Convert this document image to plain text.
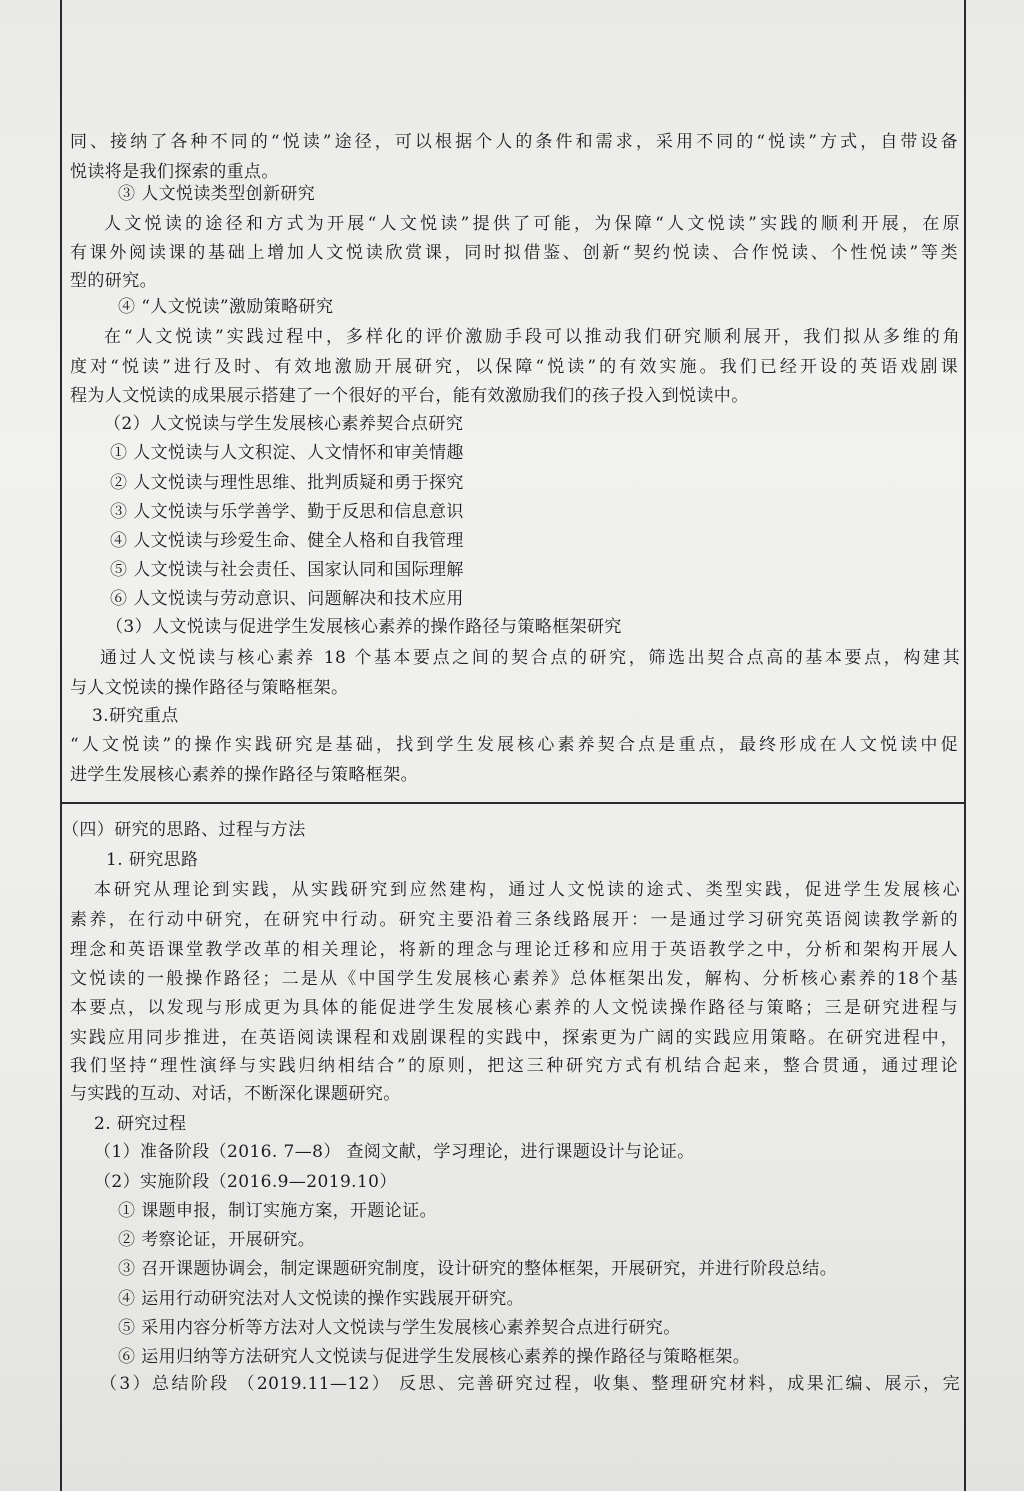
同、接纳了各种不同的“悦读”途径，可以根据个人的条件和需求，采用不同的“悦读”方式，自带设备
悦读将是我们探索的重点。
③ 人文悦读类型创新研究
人文悦读的途径和方式为开展“人文悦读”提供了可能，为保障“人文悦读”实践的顺利开展，在原
有课外阅读课的基础上增加人文悦读欣赏课，同时拟借鉴、创新“契约悦读、合作悦读、个性悦读”等类
型的研究。
④ “人文悦读”激励策略研究
在“人文悦读”实践过程中，多样化的评价激励手段可以推动我们研究顺利展开，我们拟从多维的角
度对“悦读”进行及时、有效地激励开展研究，以保障“悦读”的有效实施。我们已经开设的英语戏剧课
程为人文悦读的成果展示搭建了一个很好的平台，能有效激励我们的孩子投入到悦读中。
（2）人文悦读与学生发展核心素养契合点研究
① 人文悦读与人文积淀、人文情怀和审美情趣
② 人文悦读与理性思维、批判质疑和勇于探究
③ 人文悦读与乐学善学、勤于反思和信息意识
④ 人文悦读与珍爱生命、健全人格和自我管理
⑤ 人文悦读与社会责任、国家认同和国际理解
⑥ 人文悦读与劳动意识、问题解决和技术应用
（3）人文悦读与促进学生发展核心素养的操作路径与策略框架研究
通过人文悦读与核心素养 18 个基本要点之间的契合点的研究，筛选出契合点高的基本要点，构建其
与人文悦读的操作路径与策略框架。
3.研究重点
“人文悦读”的操作实践研究是基础，找到学生发展核心素养契合点是重点，最终形成在人文悦读中促
进学生发展核心素养的操作路径与策略框架。
（四）研究的思路、过程与方法
1. 研究思路
本研究从理论到实践，从实践研究到应然建构，通过人文悦读的途式、类型实践，促进学生发展核心
素养，在行动中研究，在研究中行动。研究主要沿着三条线路展开：一是通过学习研究英语阅读教学新的
理念和英语课堂教学改革的相关理论，将新的理念与理论迁移和应用于英语教学之中，分析和架构开展人
文悦读的一般操作路径；二是从《中国学生发展核心素养》总体框架出发，解构、分析核心素养的18个基
本要点，以发现与形成更为具体的能促进学生发展核心素养的人文悦读操作路径与策略；三是研究进程与
实践应用同步推进，在英语阅读课程和戏剧课程的实践中，探索更为广阔的实践应用策略。在研究进程中，
我们坚持“理性演绎与实践归纳相结合”的原则，把这三种研究方式有机结合起来，整合贯通，通过理论
与实践的互动、对话，不断深化课题研究。
2. 研究过程
（1）准备阶段（2016. 7—8） 查阅文献，学习理论，进行课题设计与论证。
（2）实施阶段（2016.9—2019.10）
① 课题申报，制订实施方案，开题论证。
② 考察论证，开展研究。
③ 召开课题协调会，制定课题研究制度，设计研究的整体框架，开展研究，并进行阶段总结。
④ 运用行动研究法对人文悦读的操作实践展开研究。
⑤ 采用内容分析等方法对人文悦读与学生发展核心素养契合点进行研究。
⑥ 运用归纳等方法研究人文悦读与促进学生发展核心素养的操作路径与策略框架。
（3）总结阶段 （2019.11—12） 反思、完善研究过程，收集、整理研究材料，成果汇编、展示，完
